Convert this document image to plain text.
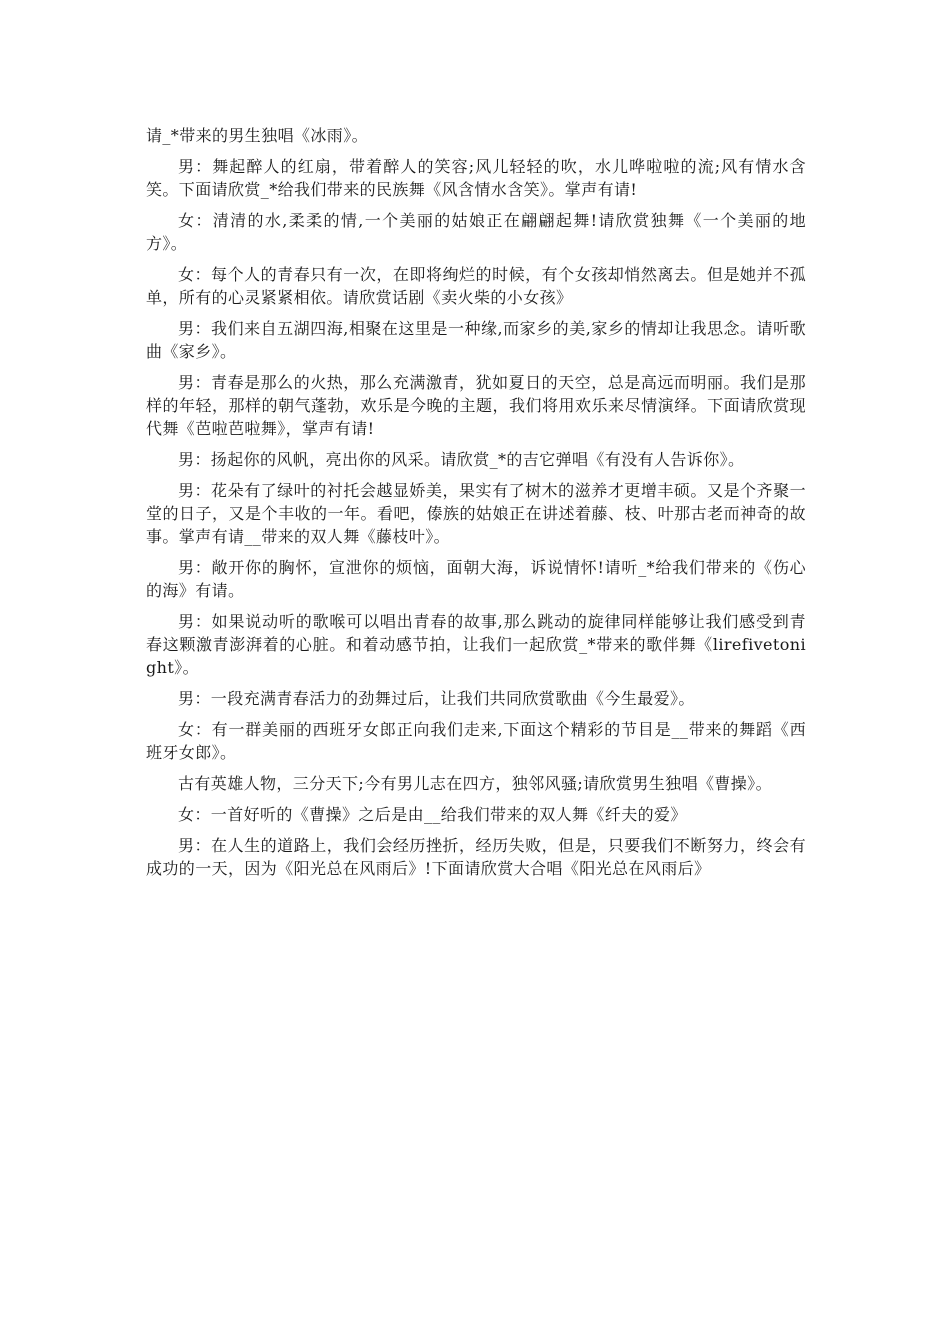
请_*带来的男生独唱《冰雨》。

男：舞起醉人的红扇，带着醉人的笑容;风儿轻轻的吹，水儿哗啦啦的流;风有情水含笑。下面请欣赏_*给我们带来的民族舞《风含情水含笑》。掌声有请!

女：清清的水,柔柔的情,一个美丽的姑娘正在翩翩起舞!请欣赏独舞《一个美丽的地方》。

女：每个人的青春只有一次，在即将绚烂的时候，有个女孩却悄然离去。但是她并不孤单，所有的心灵紧紧相依。请欣赏话剧《卖火柴的小女孩》

男：我们来自五湖四海,相聚在这里是一种缘,而家乡的美,家乡的情却让我思念。请听歌曲《家乡》。

男：青春是那么的火热，那么充满激青，犹如夏日的天空，总是高远而明丽。我们是那样的年轻，那样的朝气蓬勃，欢乐是今晚的主题，我们将用欢乐来尽情演绎。下面请欣赏现代舞《芭啦芭啦舞》，掌声有请!

男：扬起你的风帆，亮出你的风采。请欣赏_*的吉它弹唱《有没有人告诉你》。

男：花朵有了绿叶的衬托会越显娇美，果实有了树木的滋养才更增丰硕。又是个齐聚一堂的日子，又是个丰收的一年。看吧，傣族的姑娘正在讲述着藤、枝、叶那古老而神奇的故事。掌声有请__带来的双人舞《藤枝叶》。

男：敞开你的胸怀，宣泄你的烦恼，面朝大海，诉说情怀!请听_*给我们带来的《伤心的海》有请。

男：如果说动听的歌喉可以唱出青春的故事,那么跳动的旋律同样能够让我们感受到青春这颗激青澎湃着的心脏。和着动感节拍，让我们一起欣赏_*带来的歌伴舞《lirefivetonight》。

男：一段充满青春活力的劲舞过后，让我们共同欣赏歌曲《今生最爱》。

女：有一群美丽的西班牙女郎正向我们走来,下面这个精彩的节目是__带来的舞蹈《西班牙女郎》。

古有英雄人物，三分天下;今有男儿志在四方，独邻风骚;请欣赏男生独唱《曹操》。

女：一首好听的《曹操》之后是由__给我们带来的双人舞《纤夫的爱》

男：在人生的道路上，我们会经历挫折，经历失败，但是，只要我们不断努力，终会有成功的一天，因为《阳光总在风雨后》!下面请欣赏大合唱《阳光总在风雨后》
